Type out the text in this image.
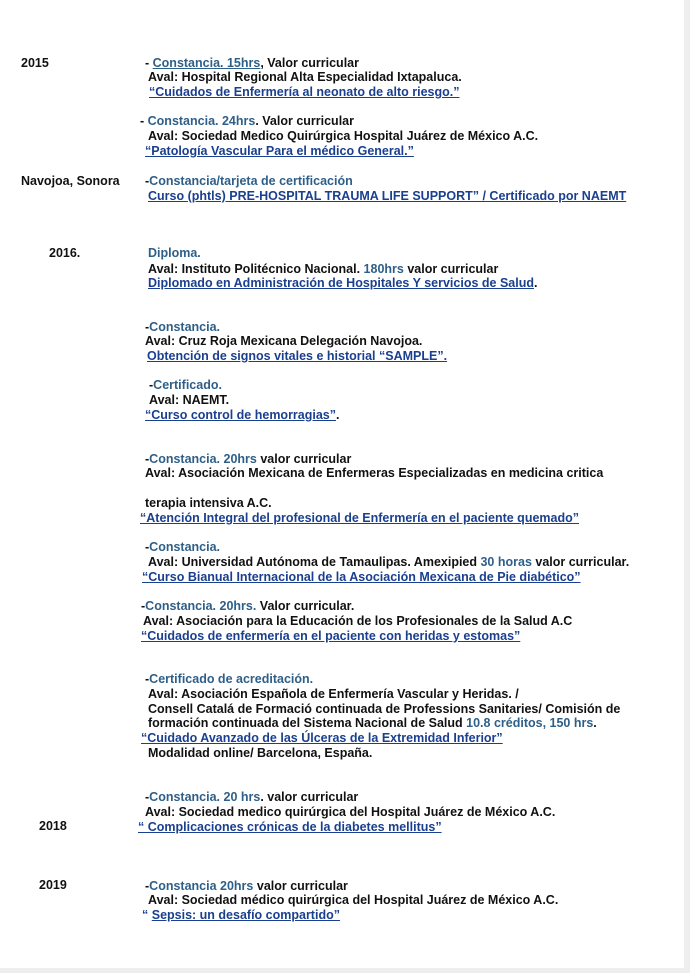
2015
Navojoa, Sonora
2016.
2018
2019
- Constancia. 15hrs, Valor curricular
Aval: Hospital Regional Alta Especialidad Ixtapaluca.
“Cuidados de Enfermería al neonato de alto riesgo.”
- Constancia. 24hrs. Valor curricular
Aval: Sociedad Medico Quirúrgica Hospital Juárez de México A.C.
“Patología Vascular Para el médico General.”
-Constancia/tarjeta de certificación
Curso (phtls) PRE-HOSPITAL TRAUMA LIFE SUPPORT” / Certificado por NAEMT
Diploma.
Aval: Instituto Politécnico Nacional. 180hrs valor curricular
Diplomado en Administración de Hospitales Y servicios de Salud.
-Constancia.
Aval: Cruz Roja Mexicana Delegación Navojoa.
Obtención de signos vitales e historial “SAMPLE”.
-Certificado.
Aval: NAEMT.
“Curso control de hemorragias”.
-Constancia. 20hrs valor curricular
Aval: Asociación Mexicana de Enfermeras Especializadas en medicina critica
terapia intensiva A.C.
“Atención Integral del profesional de Enfermería en el paciente quemado”
-Constancia.
Aval: Universidad Autónoma de Tamaulipas. Amexipied 30 horas valor curricular.
“Curso Bianual Internacional de la Asociación Mexicana de Pie diabético”
-Constancia. 20hrs. Valor curricular.
Aval: Asociación para la Educación de los Profesionales de la Salud A.C
“Cuidados de enfermería en el paciente con heridas y estomas”
-Certificado de acreditación.
Aval: Asociación Española de Enfermería Vascular y Heridas. /
Consell Catalá de Formació continuada de Professions Sanitaries/ Comisión de
formación continuada del Sistema Nacional de Salud 10.8 créditos, 150 hrs.
“Cuidado Avanzado de las Úlceras de la Extremidad Inferior”
Modalidad online/ Barcelona, España.
-Constancia. 20 hrs. valor curricular
Aval: Sociedad medico quirúrgica del Hospital Juárez de México A.C.
“ Complicaciones crónicas de la diabetes mellitus”
-Constancia 20hrs valor curricular
Aval: Sociedad médico quirúrgica del Hospital Juárez de México A.C.
“ Sepsis: un desafío compartido”
